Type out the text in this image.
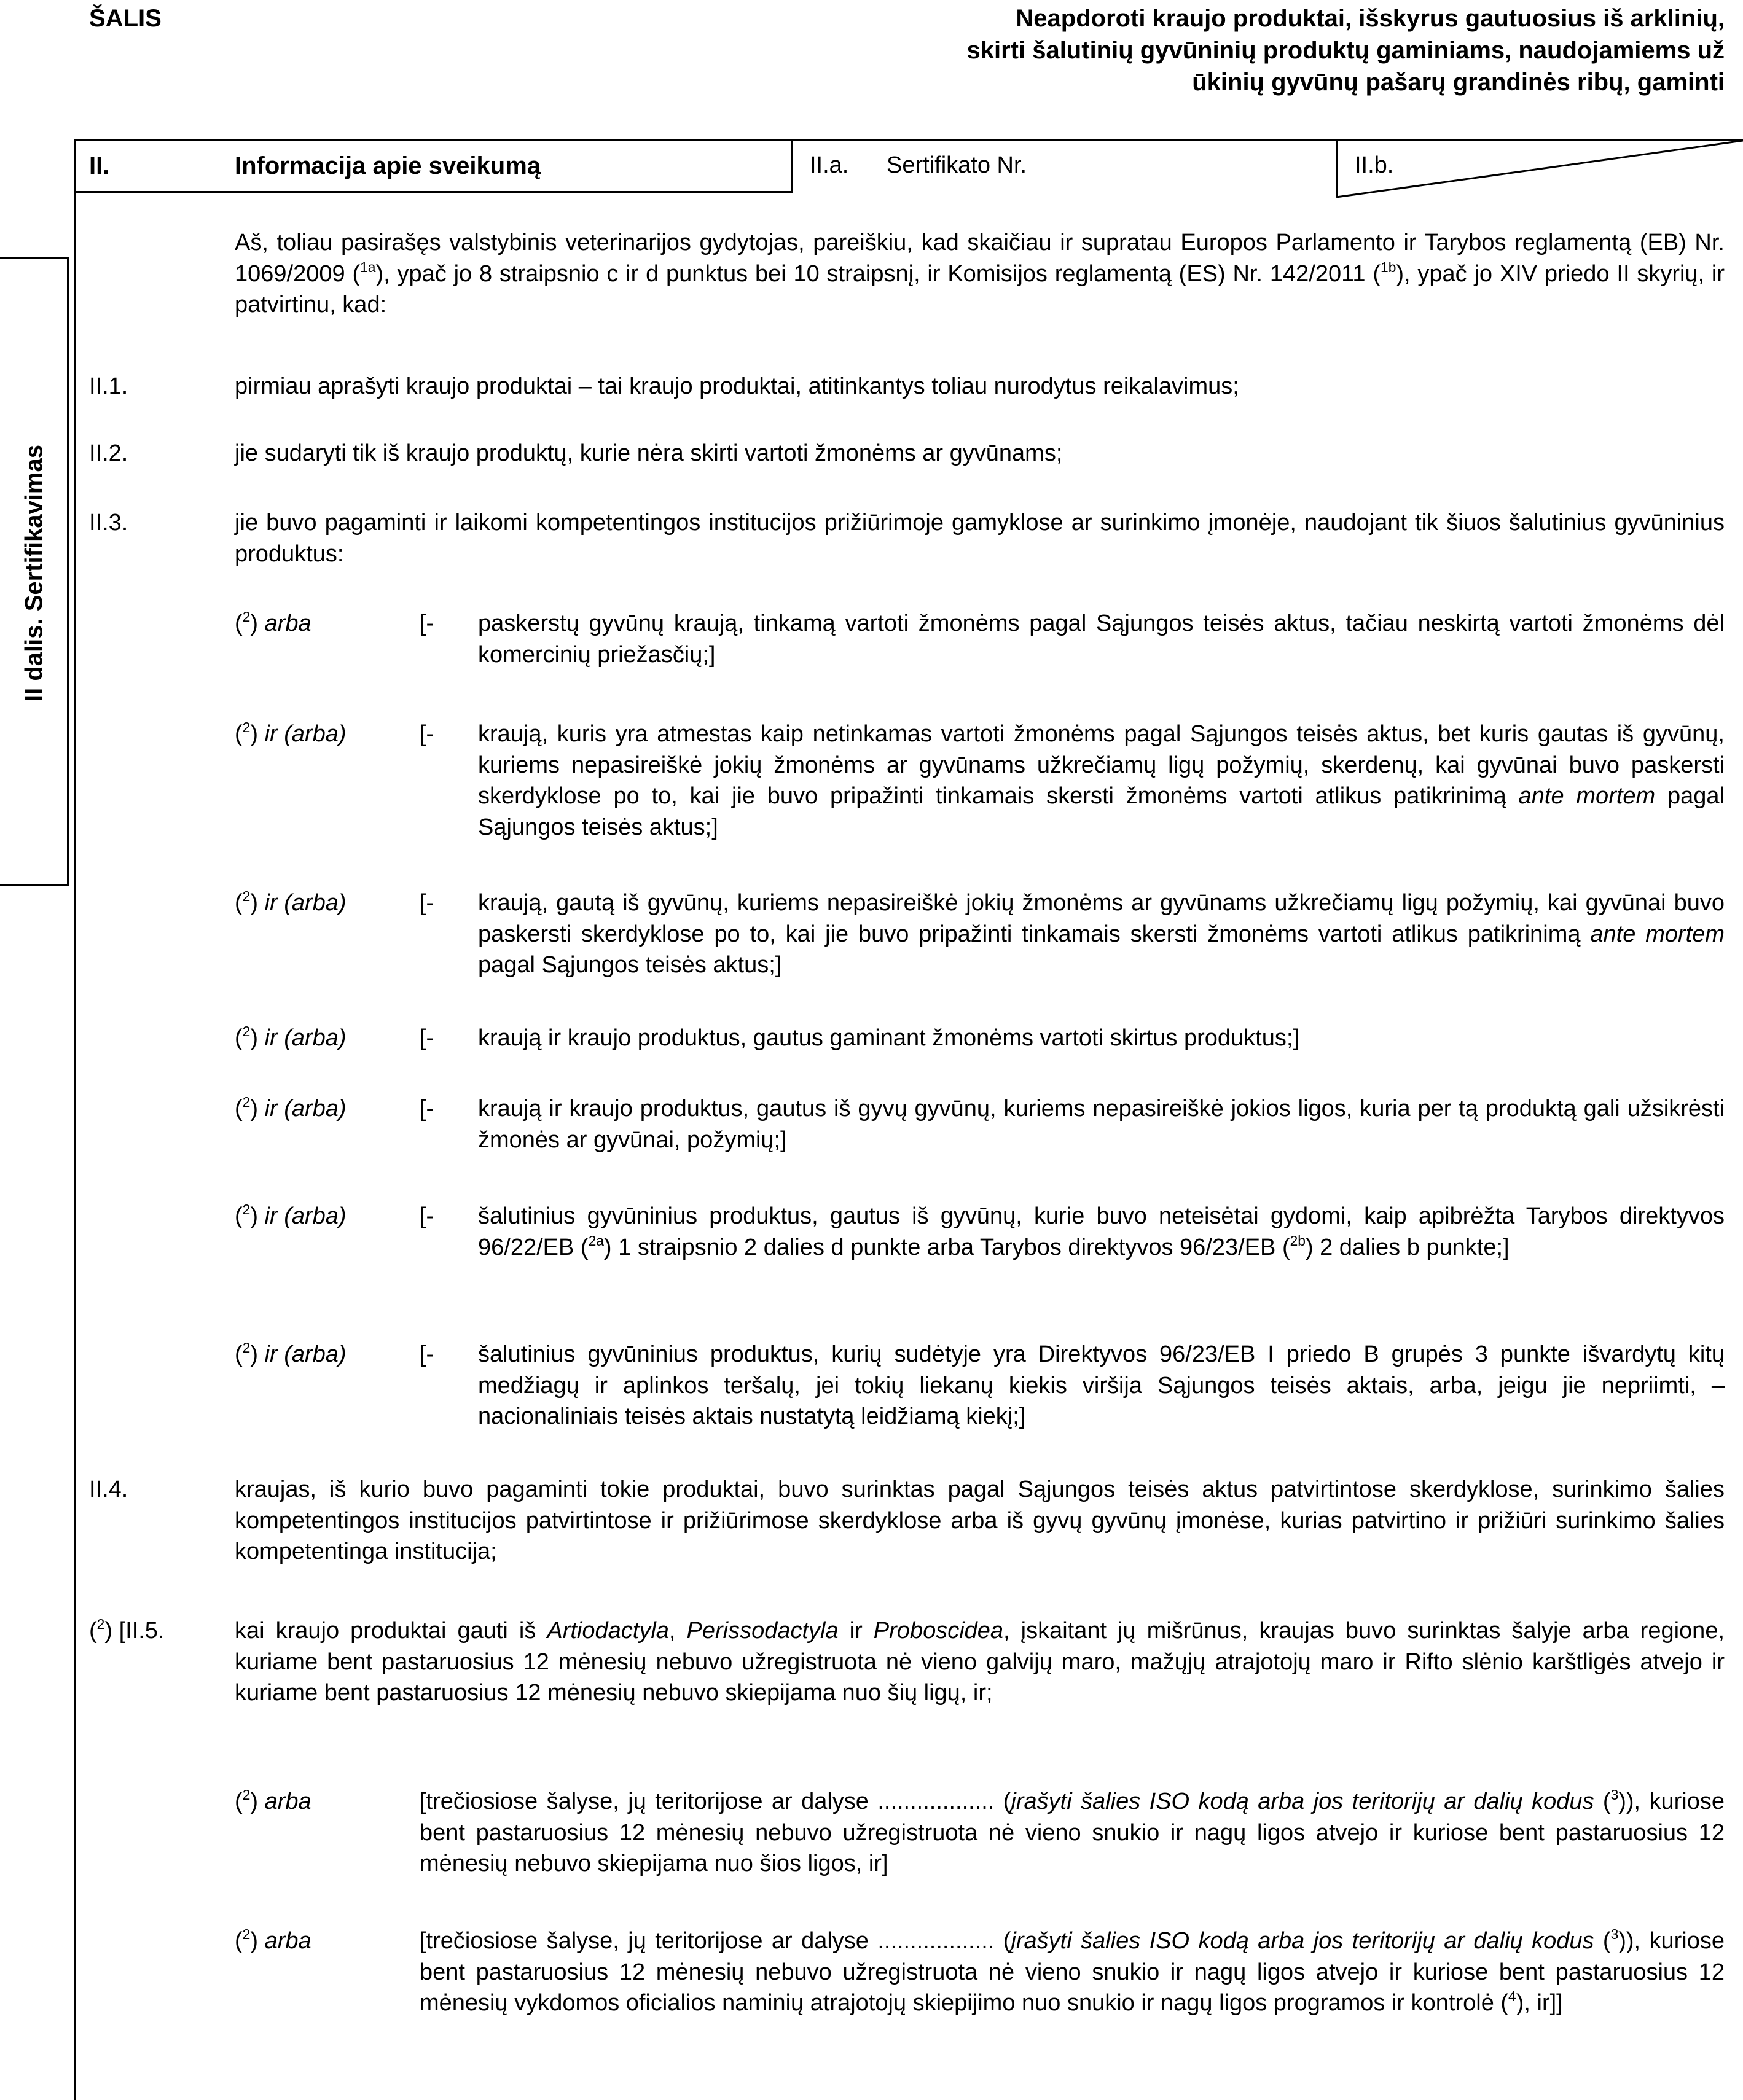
ŠALIS	Neapdoroti kraujo produktai, išskyrus gautuosius iš arklinių, skirti šalutinių gyvūninių produktų gaminiams, naudojamiems už ūkinių gyvūnų pašarų grandinės ribų, gaminti
II.	Informacija apie sveikumą	II.a. Sertifikato Nr.	II.b.
II dalis. Sertifikavimas
Aš, toliau pasirašęs valstybinis veterinarijos gydytojas, pareiškiu, kad skaičiau ir supratau Europos Parlamento ir Tarybos reglamentą (EB) Nr. 1069/2009 ($^{1a}$), ypač jo 8 straipsnio c ir d punktus bei 10 straipsnį, ir Komisijos reglamentą (ES) Nr. 142/2011 ($^{1b}$), ypač jo XIV priedo II skyrių, ir patvirtinu, kad:
II.1.	pirmiau aprašyti kraujo produktai – tai kraujo produktai, atitinkantys toliau nurodytus reikalavimus;
II.2.	jie sudaryti tik iš kraujo produktų, kurie nėra skirti vartoti žmonėms ar gyvūnams;
II.3.	jie buvo pagaminti ir laikomi kompetentingos institucijos prižiūrimoje gamyklose ar surinkimo įmonėje, naudojant tik šiuos šalutinius gyvūninius produktus:
($^2$) arba	[- paskerstų gyvūnų kraują, tinkamą vartoti žmonėms pagal Sąjungos teisės aktus, tačiau neskirtą vartoti žmonėms dėl komercinių priežasčių;]
($^2$) ir (arba)	[- kraują, kuris yra atmestas kaip netinkamas vartoti žmonėms pagal Sąjungos teisės aktus, bet kuris gautas iš gyvūnų, kuriems nepasireiškė jokių žmonėms ar gyvūnams užkrečiamų ligų požymių, skerdenų, kai gyvūnai buvo paskersti skerdyklose po to, kai jie buvo pripažinti tinkamais skersti žmonėms vartoti atlikus patikrinimą ante mortem pagal Sąjungos teisės aktus;]
($^2$) ir (arba)	[- kraują, gautą iš gyvūnų, kuriems nepasireiškė jokių žmonėms ar gyvūnams užkrečiamų ligų požymių, kai gyvūnai buvo paskersti skerdyklose po to, kai jie buvo pripažinti tinkamais skersti žmonėms vartoti atlikus patikrinimą ante mortem pagal Sąjungos teisės aktus;]
($^2$) ir (arba)	[- kraują ir kraujo produktus, gautus gaminant žmonėms vartoti skirtus produktus;]
($^2$) ir (arba)	[- kraują ir kraujo produktus, gautus iš gyvų gyvūnų, kuriems nepasireiškė jokios ligos, kuria per tą produktą gali užsikrėsti žmonės ar gyvūnai, požymių;]
($^2$) ir (arba)	[- šalutinius gyvūninius produktus, gautus iš gyvūnų, kurie buvo neteisėtai gydomi, kaip apibrėžta Tarybos direktyvos 96/22/EB ($^{2a}$) 1 straipsnio 2 dalies d punkte arba Tarybos direktyvos 96/23/EB ($^{2b}$) 2 dalies b punkte;]
($^2$) ir (arba)	[- šalutinius gyvūninius produktus, kurių sudėtyje yra Direktyvos 96/23/EB I priedo B grupės 3 punkte išvardytų kitų medžiagų ir aplinkos teršalų, jei tokių liekanų kiekis viršija Sąjungos teisės aktais, arba, jeigu jie nepriimti, – nacionaliniais teisės aktais nustatytą leidžiamą kiekį;]
II.4.	kraujas, iš kurio buvo pagaminti tokie produktai, buvo surinktas pagal Sąjungos teisės aktus patvirtintose skerdyklose, surinkimo šalies kompetentingos institucijos patvirtintose ir prižiūrimose skerdyklose arba iš gyvų gyvūnų įmonėse, kurias patvirtino ir prižiūri surinkimo šalies kompetentinga institucija;
($^2$) [II.5.	kai kraujo produktai gauti iš Artiodactyla, Perissodactyla ir Proboscidea, įskaitant jų mišrūnus, kraujas buvo surinktas šalyje arba regione, kuriame bent pastaruosius 12 mėnesių nebuvo užregistruota nė vieno galvijų maro, mažųjų atrajotojų maro ir Rifto slėnio karštligės atvejo ir kuriame bent pastaruosius 12 mėnesių nebuvo skiepijama nuo šių ligų, ir;
($^2$) arba	[trečiosiose šalyse, jų teritorijose ar dalyse .................. (įrašyti šalies ISO kodą arba jos teritorijų ar dalių kodus ($^3$)), kuriose bent pastaruosius 12 mėnesių nebuvo užregistruota nė vieno snukio ir nagų ligos atvejo ir kuriose bent pastaruosius 12 mėnesių nebuvo skiepijama nuo šios ligos, ir]
($^2$) arba	[trečiosiose šalyse, jų teritorijose ar dalyse .................. (įrašyti šalies ISO kodą arba jos teritorijų ar dalių kodus ($^3$)), kuriose bent pastaruosius 12 mėnesių nebuvo užregistruota nė vieno snukio ir nagų ligos atvejo ir kuriose bent pastaruosius 12 mėnesių vykdomos oficialios naminių atrajotojų skiepijimo nuo snukio ir nagų ligos programos ir kontrolė ($^4$), ir]]
